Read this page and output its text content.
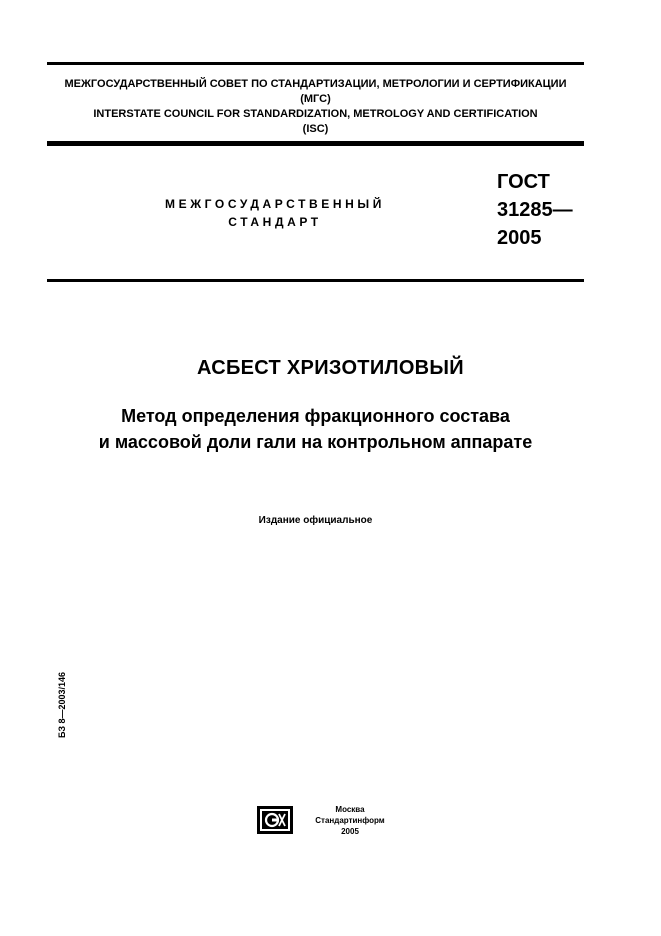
МЕЖГОСУДАРСТВЕННЫЙ СОВЕТ ПО СТАНДАРТИЗАЦИИ, МЕТРОЛОГИИ И СЕРТИФИКАЦИИ
(МГС)
INTERSTATE COUNCIL FOR STANDARDIZATION, METROLOGY AND CERTIFICATION
(ISC)
МЕЖГОСУДАРСТВЕННЫЙ
СТАНДАРТ
ГОСТ
31285—
2005
АСБЕСТ ХРИЗОТИЛОВЫЙ
Метод определения фракционного состава
и массовой доли гали на контрольном аппарате
Издание официальное
БЗ 8—2003/146
Москва
Стандартинформ
2005
